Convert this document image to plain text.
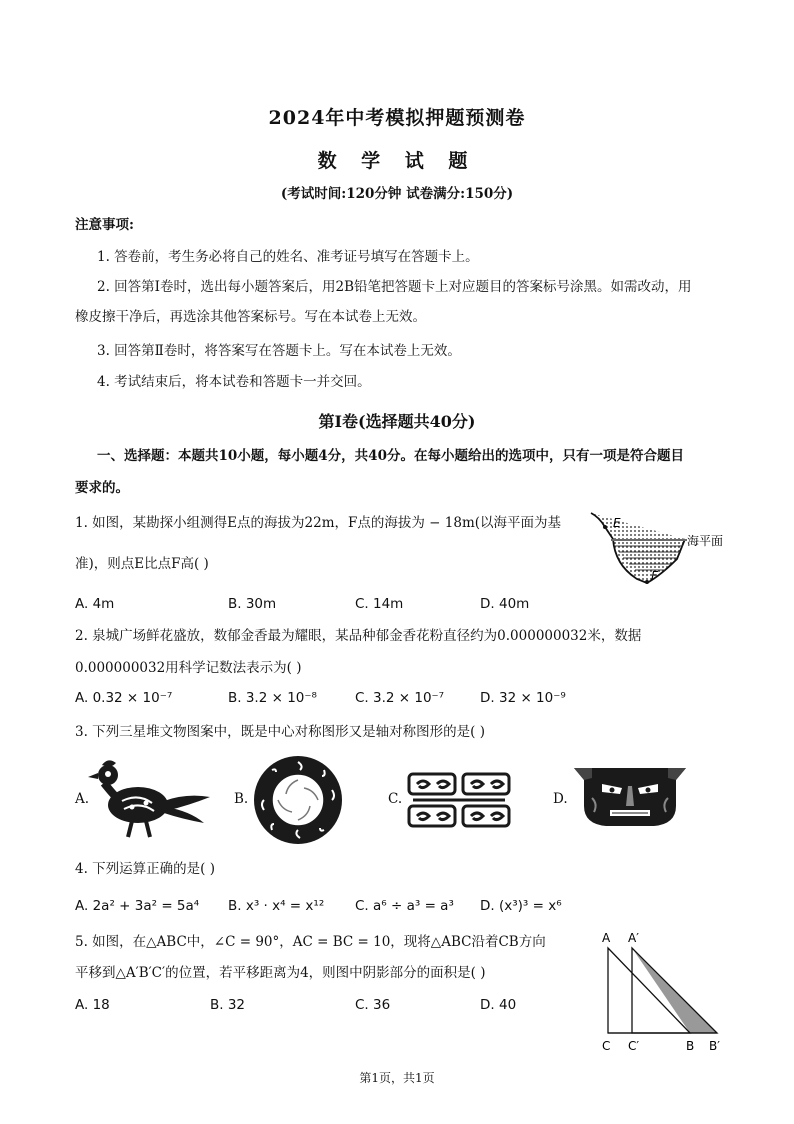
2024年中考模拟押题预测卷
数 学 试 题
(考试时间:120分钟 试卷满分:150分)
注意事项:
1. 答卷前，考生务必将自己的姓名、准考证号填写在答题卡上。
2. 回答第Ⅰ卷时，选出每小题答案后，用2B铅笔把答题卡上对应题目的答案标号涂黑。如需改动，用
橡皮擦干净后，再选涂其他答案标号。写在本试卷上无效。
3. 回答第Ⅱ卷时，将答案写在答题卡上。写在本试卷上无效。
4. 考试结束后，将本试卷和答题卡一并交回。
第Ⅰ卷(选择题共40分)
一、选择题：本题共10小题，每小题4分，共40分。在每小题给出的选项中，只有一项是符合题目
要求的。
1. 如图，某勘探小组测得E点的海拔为22m，F点的海拔为 − 18m(以海平面为基
准)，则点E比点F高( )
E
海平面
F
A. 4m	B. 30m	C. 14m	D. 40m
2. 泉城广场鲜花盛放，数郁金香最为耀眼，某品种郁金香花粉直径约为0.000000032米，数据
0.000000032用科学记数法表示为( )
A. 0.32 × 10⁻⁷	B. 3.2 × 10⁻⁸	C. 3.2 × 10⁻⁷	D. 32 × 10⁻⁹
3. 下列三星堆文物图案中，既是中心对称图形又是轴对称图形的是( )
A.	B.	C.	D.
4. 下列运算正确的是( )
A. 2a² + 3a² = 5a⁴ B. x³ · x⁴ = x¹² C. a⁶ ÷ a³ = a³ D. (x³)³ = x⁶
5. 如图，在△ABC中，∠C = 90°，AC = BC = 10，现将△ABC沿着CB方向
平移到△A′B′C′的位置，若平移距离为4，则图中阴影部分的面积是( )
A. 18	B. 32	C. 36	D. 40
A A′
C C′	B B′
第1页，共1页
